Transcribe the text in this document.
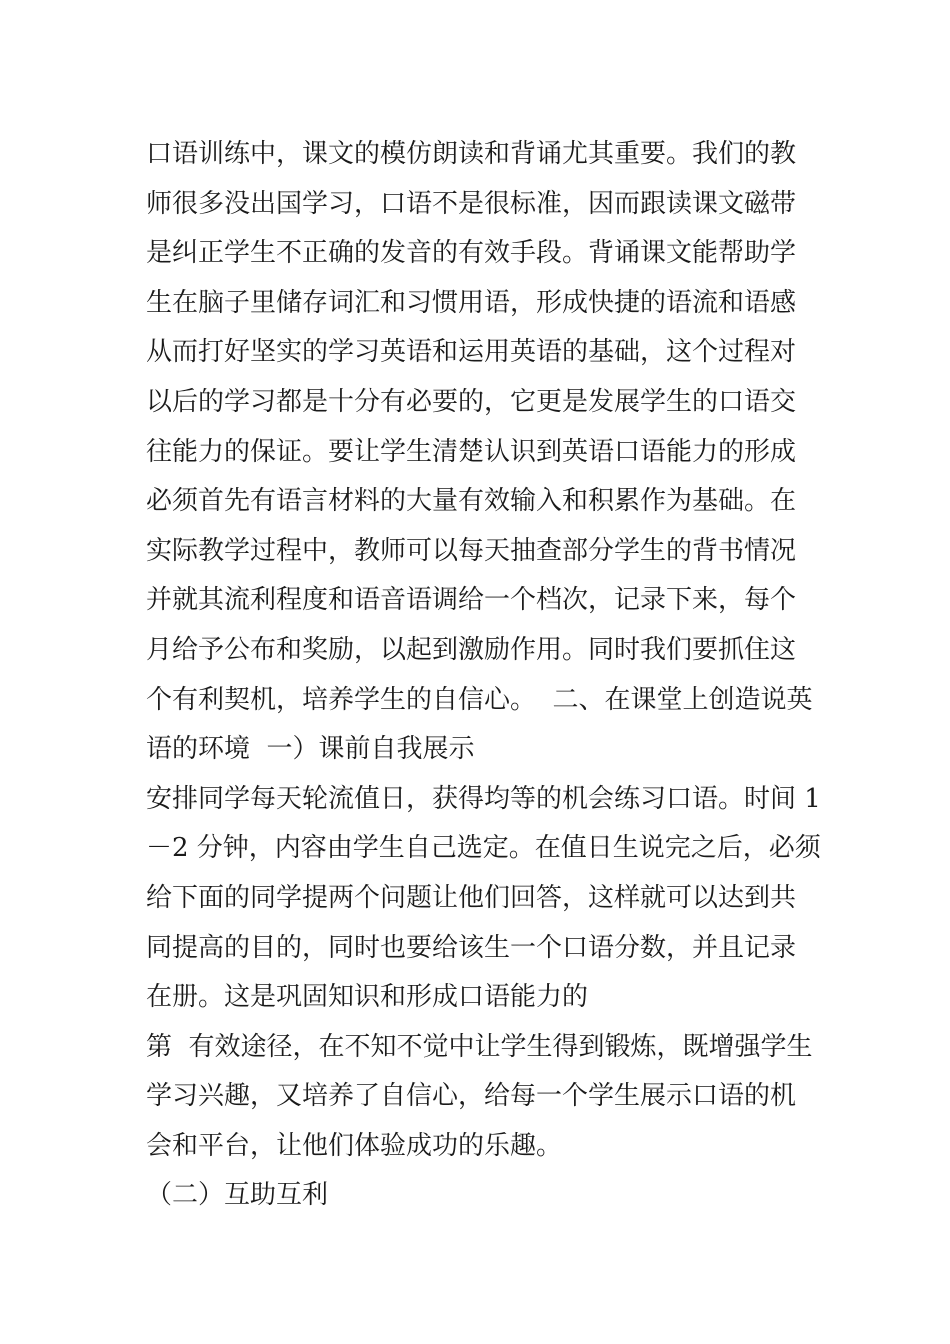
口语训练中，课文的模仿朗读和背诵尤其重要。我们的教
师很多没出国学习，口语不是很标准，因而跟读课文磁带
是纠正学生不正确的发音的有效手段。背诵课文能帮助学
生在脑子里储存词汇和习惯用语，形成快捷的语流和语感
从而打好坚实的学习英语和运用英语的基础，这个过程对
以后的学习都是十分有必要的，它更是发展学生的口语交
往能力的保证。要让学生清楚认识到英语口语能力的形成
必须首先有语言材料的大量有效输入和积累作为基础。在
实际教学过程中，教师可以每天抽查部分学生的背书情况
并就其流利程度和语音语调给一个档次，记录下来，每个
月给予公布和奖励，以起到激励作用。同时我们要抓住这
个有利契机，培养学生的自信心。  二、在课堂上创造说英
语的环境  一）课前自我展示
安排同学每天轮流值日，获得均等的机会练习口语。时间 1
－2 分钟，内容由学生自己选定。在值日生说完之后，必须
给下面的同学提两个问题让他们回答，这样就可以达到共
同提高的目的，同时也要给该生一个口语分数，并且记录
在册。这是巩固知识和形成口语能力的
第  有效途径，在不知不觉中让学生得到锻炼，既增强学生
学习兴趣，又培养了自信心，给每一个学生展示口语的机
会和平台，让他们体验成功的乐趣。
（二）互助互利
